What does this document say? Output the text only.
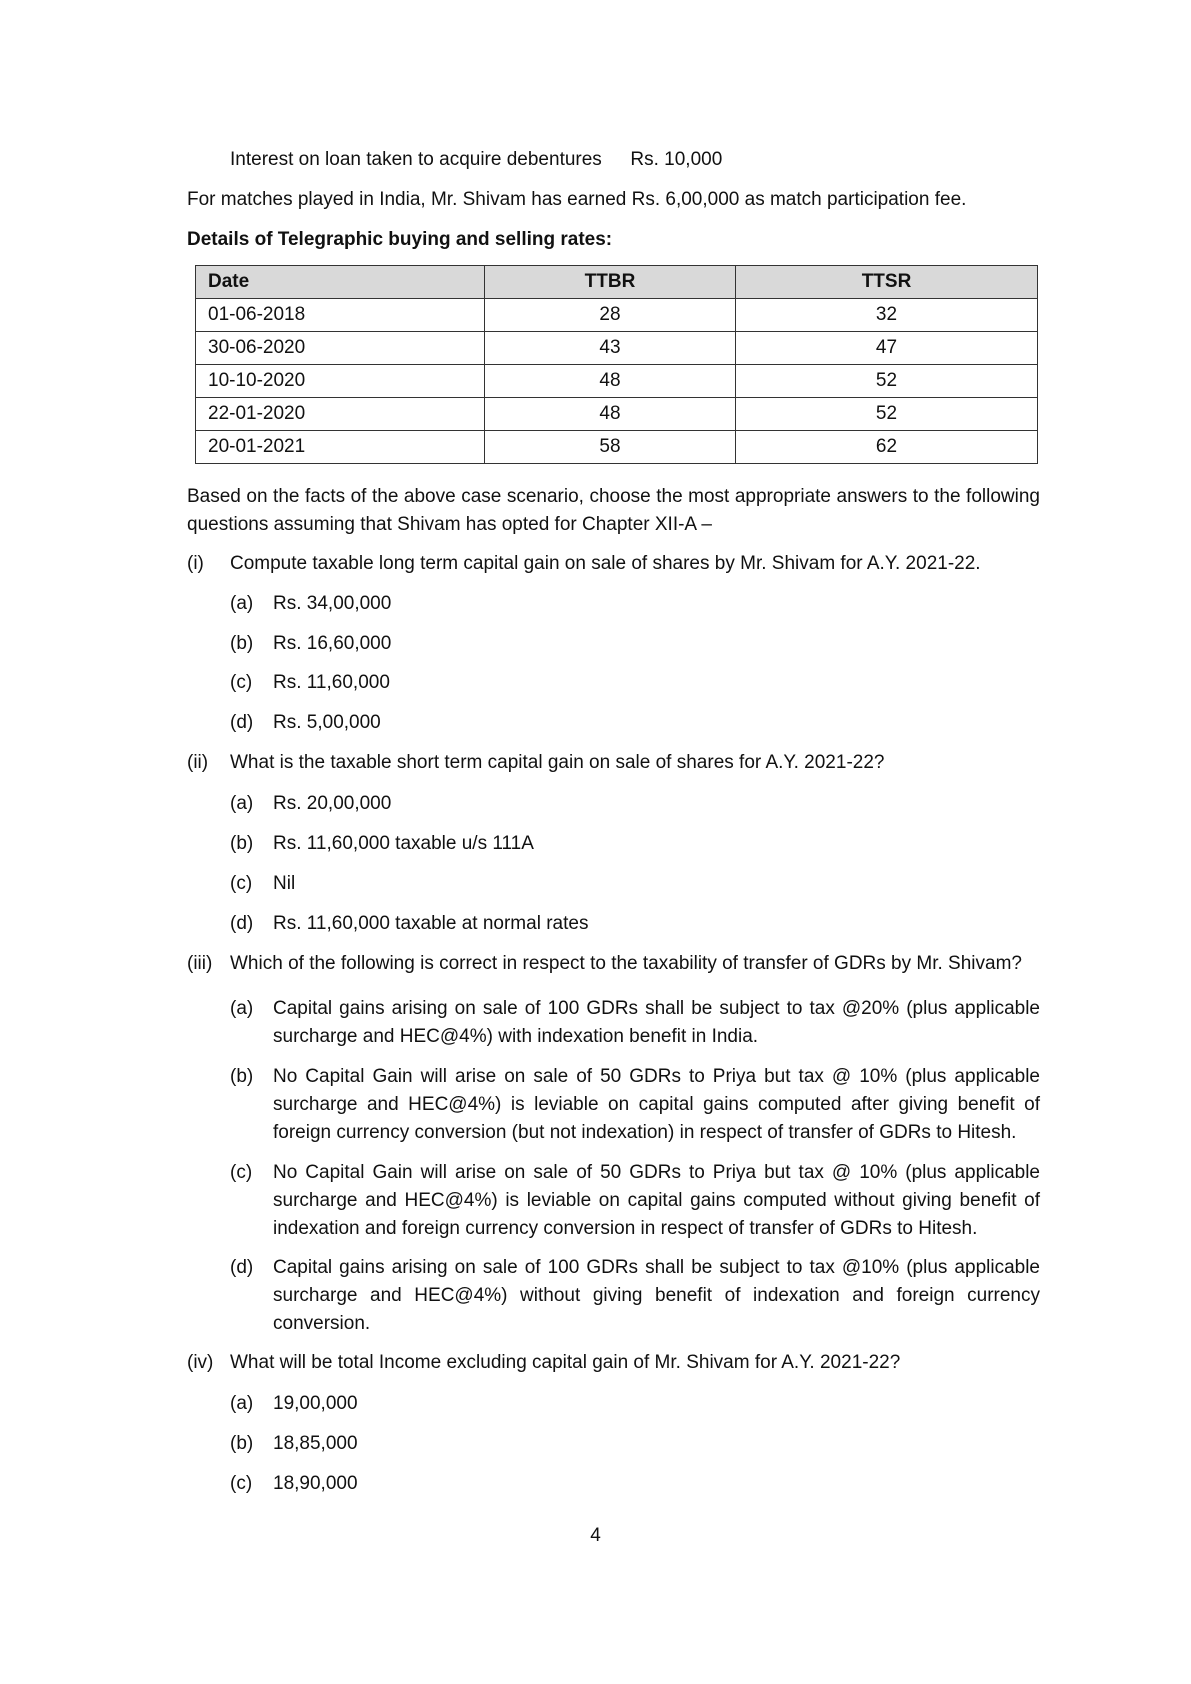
Interest on loan taken to acquire debentures Rs. 10,000
For matches played in India, Mr. Shivam has earned Rs. 6,00,000 as match participation fee.
Details of Telegraphic buying and selling rates:
Date	TTBR	TTSR
01-06-2018	28	32
30-06-2020	43	47
10-10-2020	48	52
22-01-2020	48	52
20-01-2021	58	62
Based on the facts of the above case scenario, choose the most appropriate answers to the following questions assuming that Shivam has opted for Chapter XII-A –
(i) Compute taxable long term capital gain on sale of shares by Mr. Shivam for A.Y. 2021-22.
(a) Rs. 34,00,000
(b) Rs. 16,60,000
(c) Rs. 11,60,000
(d) Rs. 5,00,000
(ii) What is the taxable short term capital gain on sale of shares for A.Y. 2021-22?
(a) Rs. 20,00,000
(b) Rs. 11,60,000 taxable u/s 111A
(c) Nil
(d) Rs. 11,60,000 taxable at normal rates
(iii) Which of the following is correct in respect to the taxability of transfer of GDRs by Mr. Shivam?
(a) Capital gains arising on sale of 100 GDRs shall be subject to tax @20% (plus applicable surcharge and HEC@4%) with indexation benefit in India.
(b) No Capital Gain will arise on sale of 50 GDRs to Priya but tax @ 10% (plus applicable surcharge and HEC@4%) is leviable on capital gains computed after giving benefit of foreign currency conversion (but not indexation) in respect of transfer of GDRs to Hitesh.
(c) No Capital Gain will arise on sale of 50 GDRs to Priya but tax @ 10% (plus applicable surcharge and HEC@4%) is leviable on capital gains computed without giving benefit of indexation and foreign currency conversion in respect of transfer of GDRs to Hitesh.
(d) Capital gains arising on sale of 100 GDRs shall be subject to tax @10% (plus applicable surcharge and HEC@4%) without giving benefit of indexation and foreign currency conversion.
(iv) What will be total Income excluding capital gain of Mr. Shivam for A.Y. 2021-22?
(a) 19,00,000
(b) 18,85,000
(c) 18,90,000
4
